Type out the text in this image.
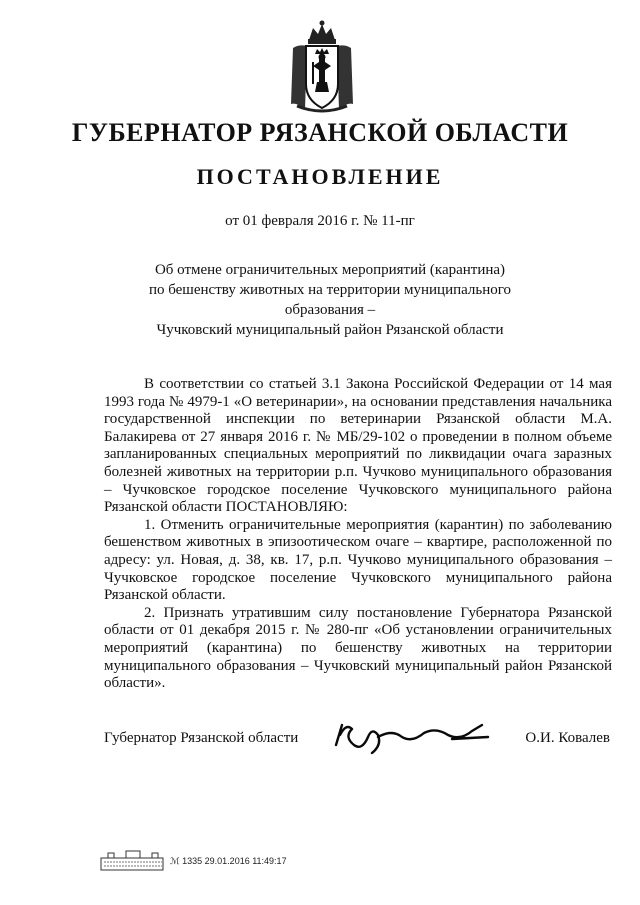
ГУБЕРНАТОР РЯЗАНСКОЙ ОБЛАСТИ
ПОСТАНОВЛЕНИЕ
от 01 февраля 2016 г. № 11-пг
Об отмене ограничительных мероприятий (карантина)
по бешенству животных на территории муниципального образования –
Чучковский муниципальный район Рязанской области

В соответствии со статьей 3.1 Закона Российской Федерации от 14 мая 1993 года № 4979-1 «О ветеринарии», на основании представления начальника государственной инспекции по ветеринарии Рязанской области М.А. Балакирева от 27 января 2016 г. № МБ/29-102 о проведении в полном объеме запланированных специальных мероприятий по ликвидации очага заразных болезней животных на территории р.п. Чучково муниципального образования – Чучковское городское поселение Чучковского муниципального района Рязанской области ПОСТАНОВЛЯЮ:

1. Отменить ограничительные мероприятия (карантин) по заболеванию бешенством животных в эпизоотическом очаге – квартире, расположенной по адресу: ул. Новая, д. 38, кв. 17, р.п. Чучково муниципального образования – Чучковское городское поселение Чучковского муниципального района Рязанской области.

2. Признать утратившим силу постановление Губернатора Рязанской области от 01 декабря 2015 г. № 280-пг «Об установлении ограничительных мероприятий (карантина) по бешенству животных на территории муниципального образования – Чучковский муниципальный район Рязанской области».

Губернатор Рязанской области	О.И. Ковалев
ℳ 1335 29.01.2016 11:49:17
